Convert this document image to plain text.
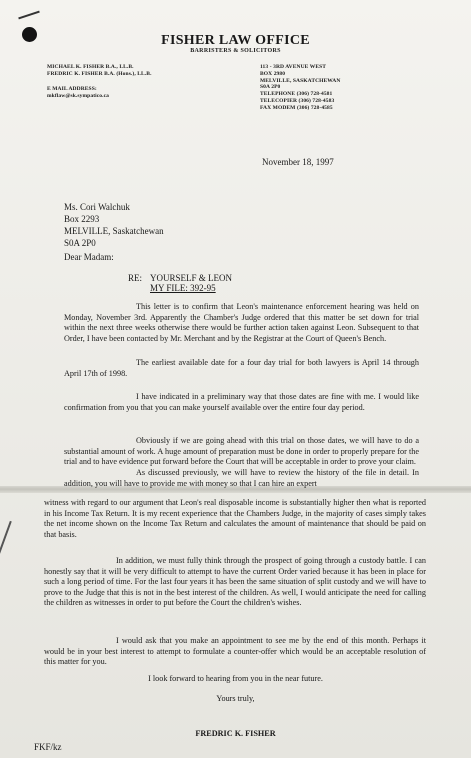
FISHER LAW OFFICE
BARRISTERS & SOLICITORS
MICHAEL K. FISHER B.A., LL.B.
FREDRIC K. FISHER B.A. (Hons.), LL.B.
E MAIL ADDRESS:
mkflaw@sk.sympatico.ca
113 - 3RD AVENUE WEST
BOX 2980
MELVILLE, SASKATCHEWAN
S0A 2P0
TELEPHONE (306) 728-4581
TELECOPIER (306) 728-4583
FAX MODEM (306) 728-4585
November 18, 1997
Ms. Cori Walchuk
Box 2293
MELVILLE, Saskatchewan
S0A 2P0
Dear Madam:
RE: YOURSELF & LEON
MY FILE: 392-95

This letter is to confirm that Leon's maintenance enforcement hearing was held on Monday, November 3rd. Apparently the Chamber's Judge ordered that this matter be set down for trial within the next three weeks otherwise there would be further action taken against Leon. Subsequent to that Order, I have been contacted by Mr. Merchant and by the Registrar at the Court of Queen's Bench.

The earliest available date for a four day trial for both lawyers is April 14 through April 17th of 1998.

I have indicated in a preliminary way that those dates are fine with me. I would like confirmation from you that you can make yourself available over the entire four day period.

Obviously if we are going ahead with this trial on those dates, we will have to do a substantial amount of work. A huge amount of preparation must be done in order to properly prepare for the trial and to have evidence put forward before the Court that will be acceptable in order to prove your claim.

As discussed previously, we will have to review the history of the file in detail. In addition, you will have to provide me with money so that I can hire an expert

witness with regard to our argument that Leon's real disposable income is substantially higher then what is reported in his Income Tax Return. It is my recent experience that the Chambers Judge, in the majority of cases simply takes the net income shown on the Income Tax Return and calculates the amount of maintenance that should be paid on that basis.

In addition, we must fully think through the prospect of going through a custody battle. I can honestly say that it will be very difficult to attempt to have the current Order varied because it has been in place for such a long period of time. For the last four years it has been the same situation of split custody and we will have to prove to the Judge that this is not in the best interest of the children. As well, I would anticipate the need for calling the children as witnesses in order to put before the Court the children's wishes.

I would ask that you make an appointment to see me by the end of this month. Perhaps it would be in your best interest to attempt to formulate a counter-offer which would be an acceptable resolution of this matter for you.

I look forward to hearing from you in the near future.
Yours truly,
FREDRIC K. FISHER
FKF/kz
